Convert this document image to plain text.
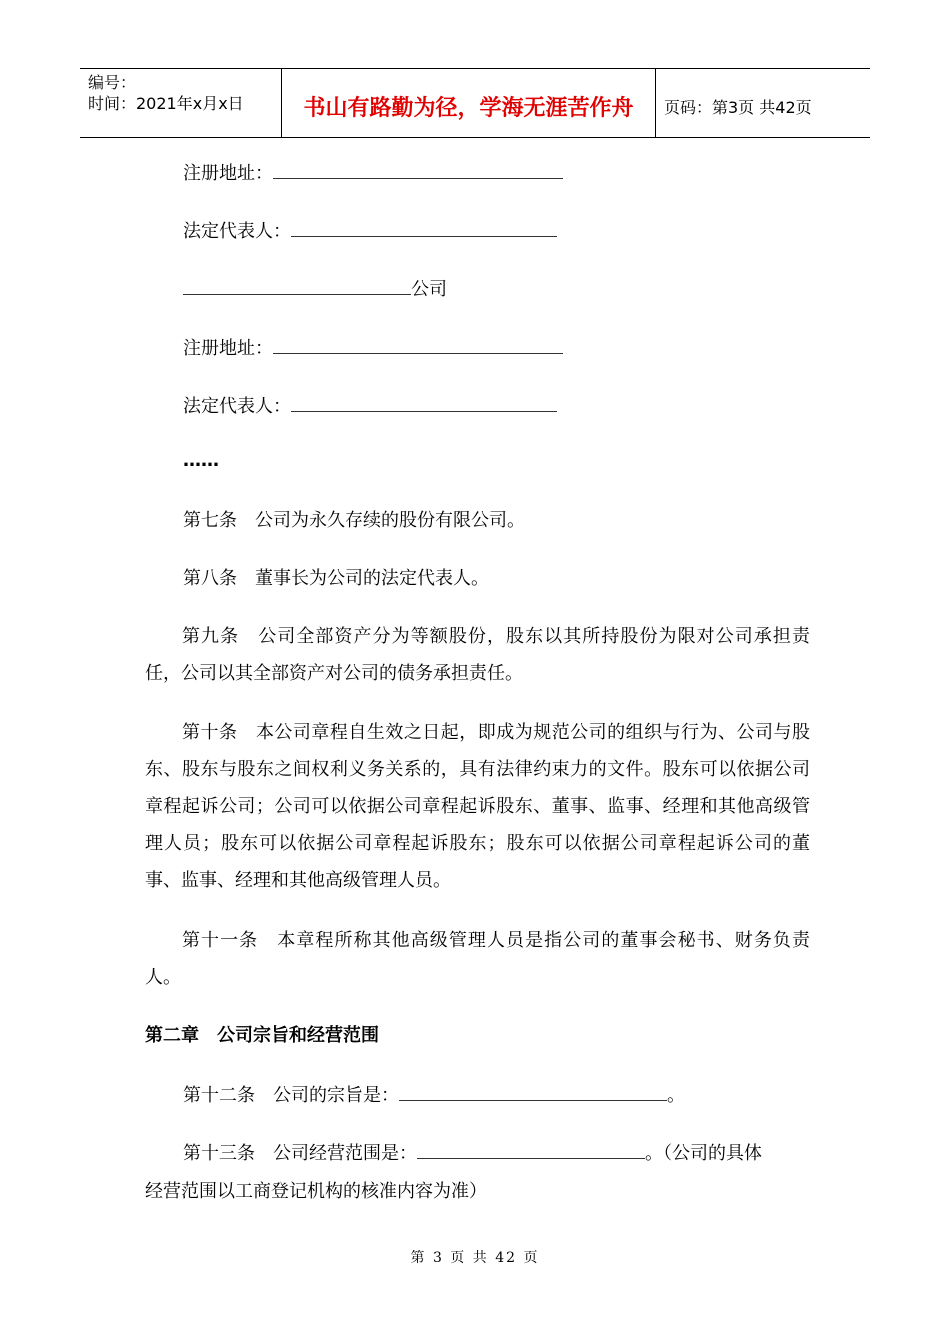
编号：
时间：2021年x月x日	书山有路勤为径，学海无涯苦作舟	页码：第3页 共42页
注册地址：
法定代表人：
公司
注册地址：
法定代表人：
……
第七条　公司为永久存续的股份有限公司。
第八条　董事长为公司的法定代表人。
第九条　公司全部资产分为等额股份，股东以其所持股份为限对公司承担责任，公司以其全部资产对公司的债务承担责任。
第十条　本公司章程自生效之日起，即成为规范公司的组织与行为、公司与股东、股东与股东之间权利义务关系的，具有法律约束力的文件。股东可以依据公司章程起诉公司；公司可以依据公司章程起诉股东、董事、监事、经理和其他高级管理人员；股东可以依据公司章程起诉股东；股东可以依据公司章程起诉公司的董事、监事、经理和其他高级管理人员。
第十一条　本章程所称其他高级管理人员是指公司的董事会秘书、财务负责人。
第二章　公司宗旨和经营范围
第十二条　公司的宗旨是：	。
第十三条　公司经营范围是：	。（公司的具体
经营范围以工商登记机构的核准内容为准）
第 3 页 共 42 页
